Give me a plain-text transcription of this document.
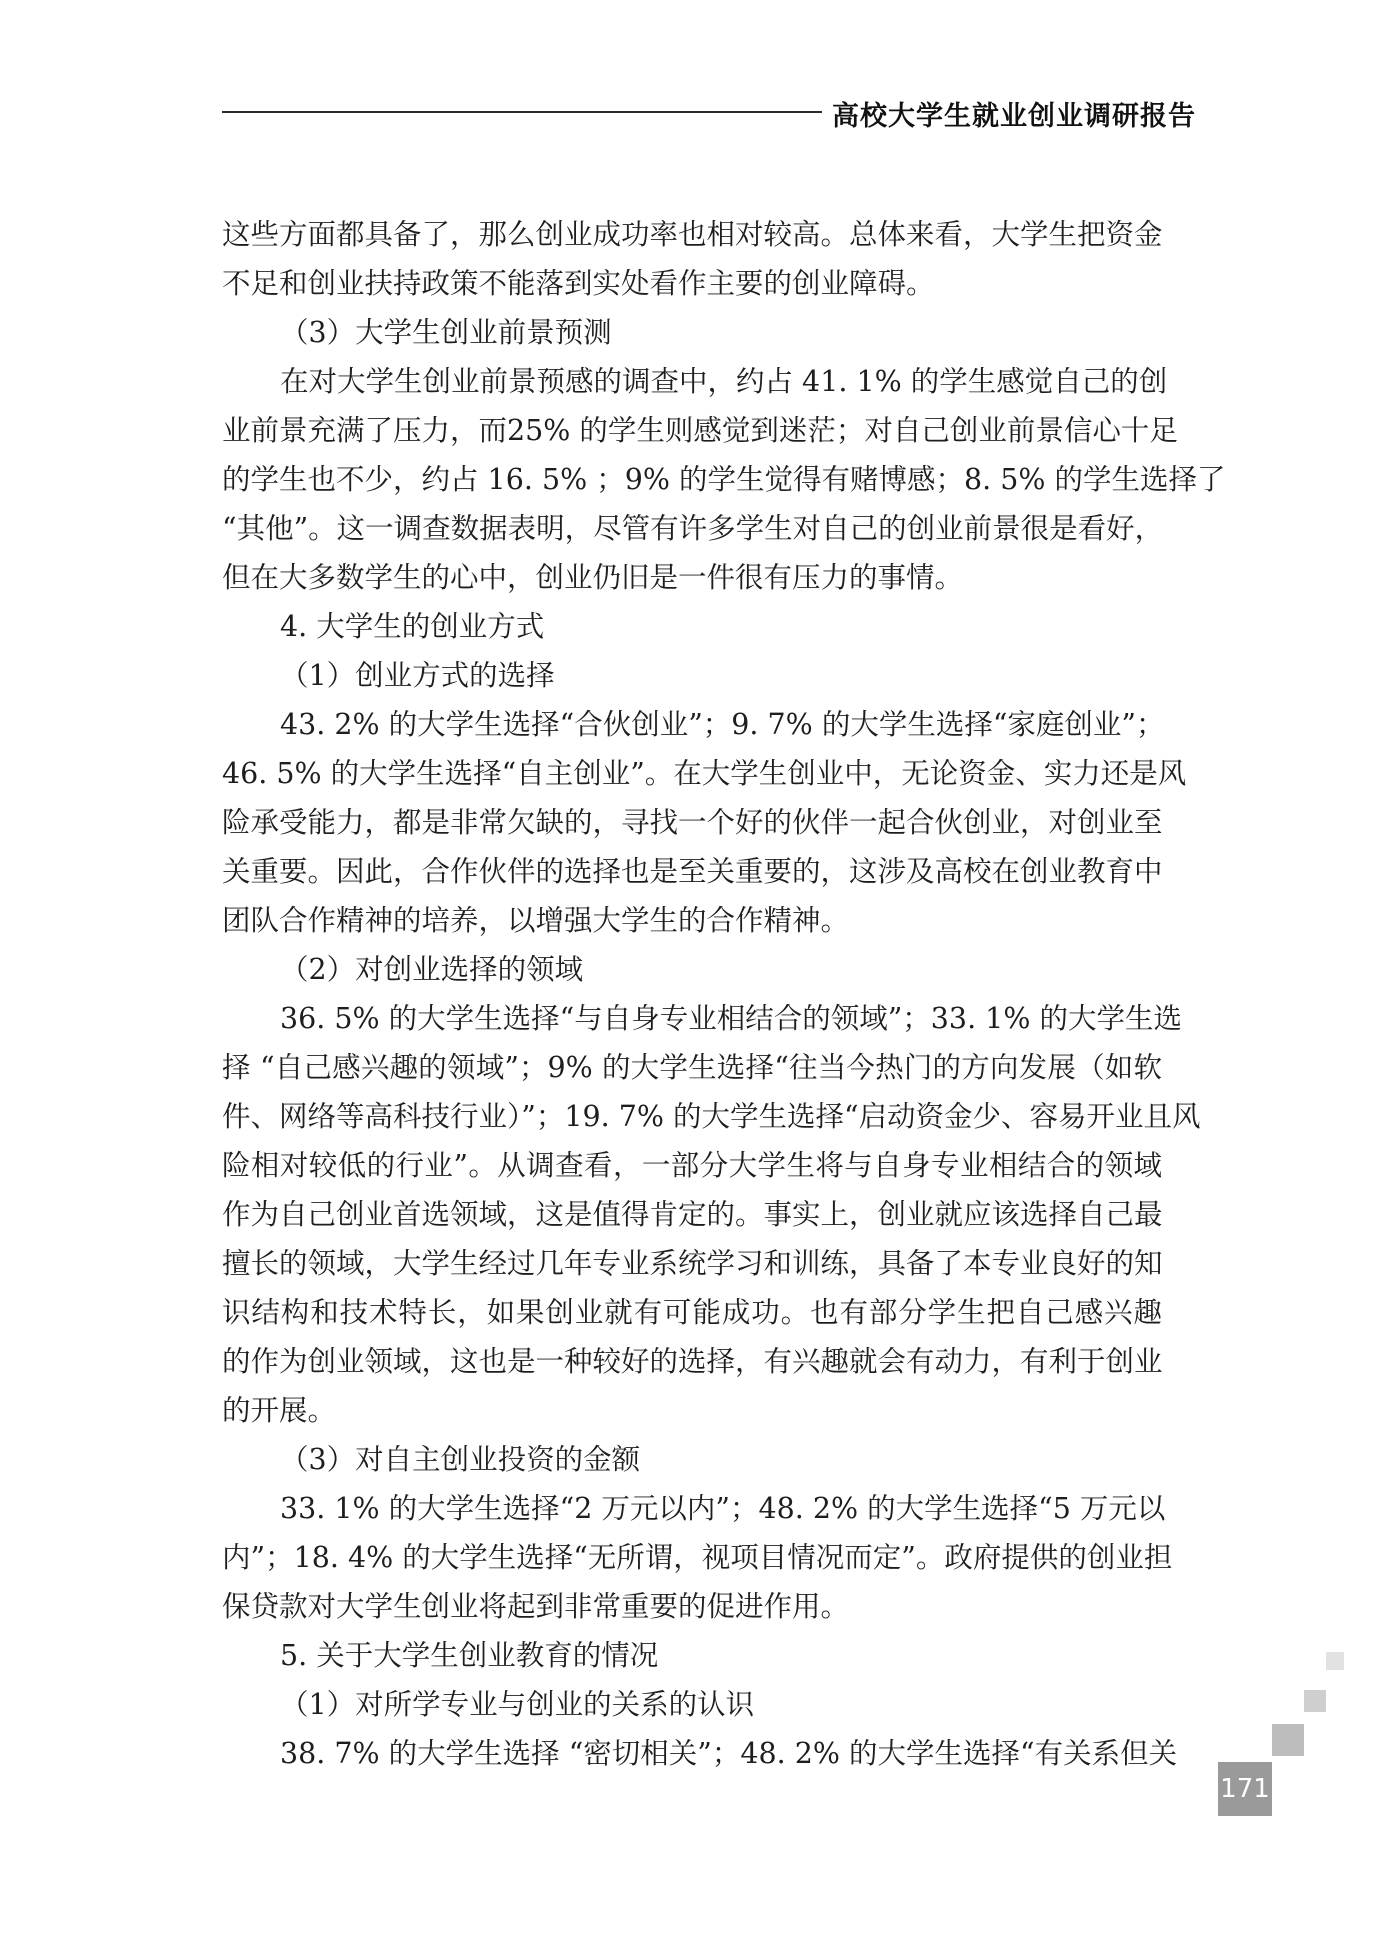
高校大学生就业创业调研报告
这些方面都具备了，那么创业成功率也相对较高。总体来看，大学生把资金
不足和创业扶持政策不能落到实处看作主要的创业障碍。
（3）大学生创业前景预测
在对大学生创业前景预感的调查中，约占 41. 1% 的学生感觉自己的创
业前景充满了压力，而25% 的学生则感觉到迷茫；对自己创业前景信心十足
的学生也不少，约占 16. 5% ；9% 的学生觉得有赌博感；8. 5% 的学生选择了
“其他”。这一调查数据表明，尽管有许多学生对自己的创业前景很是看好，
但在大多数学生的心中，创业仍旧是一件很有压力的事情。
4. 大学生的创业方式
（1）创业方式的选择
43. 2% 的大学生选择“合伙创业”；9. 7% 的大学生选择“家庭创业”；
46. 5% 的大学生选择“自主创业”。在大学生创业中，无论资金、实力还是风
险承受能力，都是非常欠缺的，寻找一个好的伙伴一起合伙创业，对创业至
关重要。因此，合作伙伴的选择也是至关重要的，这涉及高校在创业教育中
团队合作精神的培养，以增强大学生的合作精神。
（2）对创业选择的领域
36. 5% 的大学生选择“与自身专业相结合的领域”；33. 1% 的大学生选
择 “自己感兴趣的领域”；9% 的大学生选择“往当今热门的方向发展（如软
件、网络等高科技行业）”；19. 7% 的大学生选择“启动资金少、容易开业且风
险相对较低的行业”。从调查看，一部分大学生将与自身专业相结合的领域
作为自己创业首选领域，这是值得肯定的。事实上，创业就应该选择自己最
擅长的领域，大学生经过几年专业系统学习和训练，具备了本专业良好的知
识结构和技术特长，如果创业就有可能成功。也有部分学生把自己感兴趣
的作为创业领域，这也是一种较好的选择，有兴趣就会有动力，有利于创业
的开展。
（3）对自主创业投资的金额
33. 1% 的大学生选择“2 万元以内”；48. 2% 的大学生选择“5 万元以
内”；18. 4% 的大学生选择“无所谓，视项目情况而定”。政府提供的创业担
保贷款对大学生创业将起到非常重要的促进作用。
5. 关于大学生创业教育的情况
（1）对所学专业与创业的关系的认识
38. 7% 的大学生选择 “密切相关”；48. 2% 的大学生选择“有关系但关
171
